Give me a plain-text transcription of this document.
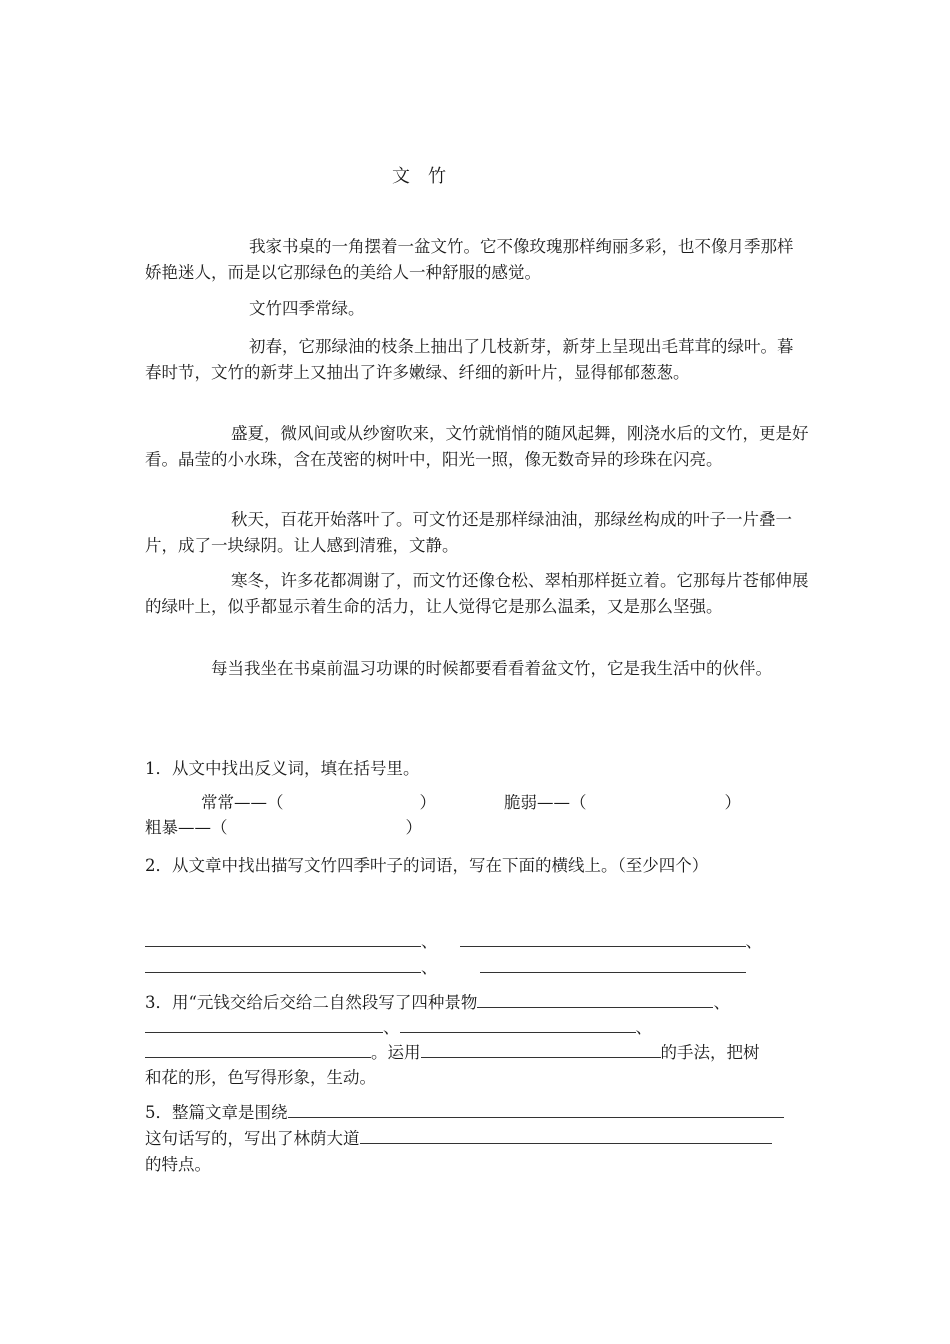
文竹
我家书桌的一角摆着一盆文竹。它不像玫瑰那样绚丽多彩，也不像月季那样娇艳迷人，而是以它那绿色的美给人一种舒服的感觉。
文竹四季常绿。
初春，它那绿油的枝条上抽出了几枝新芽，新芽上呈现出毛茸茸的绿叶。暮春时节，文竹的新芽上又抽出了许多嫩绿、纤细的新叶片，显得郁郁葱葱。
盛夏，微风间或从纱窗吹来，文竹就悄悄的随风起舞，刚浇水后的文竹，更是好看。晶莹的小水珠，含在茂密的树叶中，阳光一照，像无数奇异的珍珠在闪亮。
秋天，百花开始落叶了。可文竹还是那样绿油油，那绿丝构成的叶子一片叠一片，成了一块绿阴。让人感到清雅，文静。
寒冬，许多花都凋谢了，而文竹还像仓松、翠柏那样挺立着。它那每片苍郁伸展的绿叶上，似乎都显示着生命的活力，让人觉得它是那么温柔，又是那么坚强。
每当我坐在书桌前温习功课的时候都要看看着盆文竹，它是我生活中的伙伴。
1．从文中找出反义词，填在括号里。
常常——（	）	脆弱——（	）
粗暴——（	）
2．从文章中找出描写文竹四季叶子的词语，写在下面的横线上。（至少四个）
、	、
、
3．用“元钱交给后交给二自然段写了四种景物	、
、	、
。运用	的手法，把树
和花的形，色写得形象，生动。
5．整篇文章是围绕
这句话写的，写出了林荫大道
的特点。
